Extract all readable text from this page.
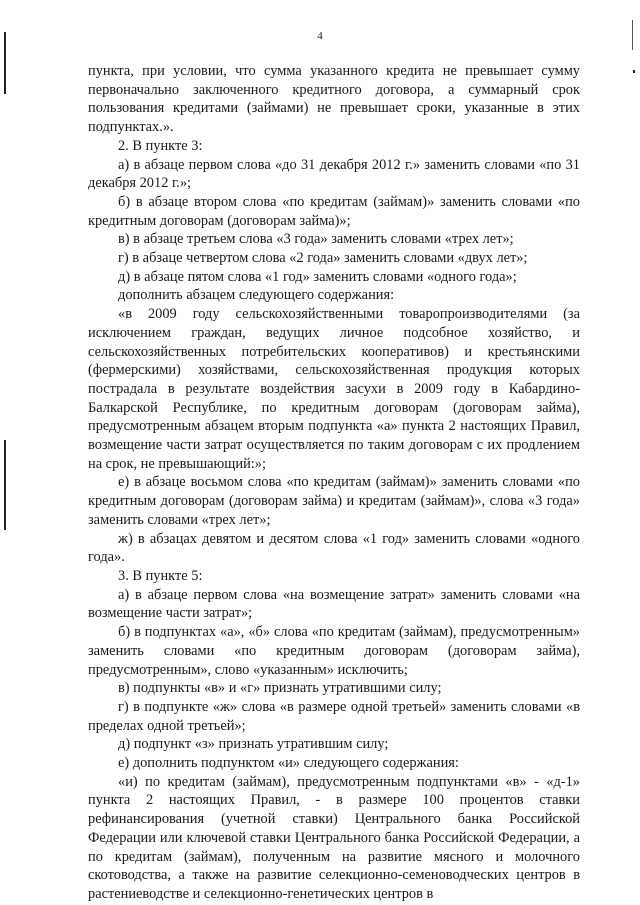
4

пункта, при условии, что сумма указанного кредита не превышает сумму первоначально заключенного кредитного договора, а суммарный срок пользования кредитами (займами) не превышает сроки, указанные в этих подпунктах.».

2. В пункте 3:

а) в абзаце первом слова «до 31 декабря 2012 г.» заменить словами «по 31 декабря 2012 г.»;

б) в абзаце втором слова «по кредитам (займам)» заменить словами «по кредитным договорам (договорам займа)»;

в) в абзаце третьем слова «3 года» заменить словами «трех лет»;

г) в абзаце четвертом слова «2 года» заменить словами «двух лет»;

д) в абзаце пятом слова «1 год» заменить словами «одного года»;

дополнить абзацем следующего содержания:

«в 2009 году сельскохозяйственными товаропроизводителями (за исключением граждан, ведущих личное подсобное хозяйство, и сельскохозяйственных потребительских кооперативов) и крестьянскими (фермерскими) хозяйствами, сельскохозяйственная продукция которых пострадала в результате воздействия засухи в 2009 году в Кабардино-Балкарской Республике, по кредитным договорам (договорам займа), предусмотренным абзацем вторым подпункта «а» пункта 2 настоящих Правил, возмещение части затрат осуществляется по таким договорам с их продлением на срок, не превышающий:»;

е) в абзаце восьмом слова «по кредитам (займам)» заменить словами «по кредитным договорам (договорам займа) и кредитам (займам)», слова «3 года» заменить словами «трех лет»;

ж) в абзацах девятом и десятом слова «1 год» заменить словами «одного года».

3. В пункте 5:

а) в абзаце первом слова «на возмещение затрат» заменить словами «на возмещение части затрат»;

б) в подпунктах «а», «б» слова «по кредитам (займам), предусмотренным» заменить словами «по кредитным договорам (договорам займа), предусмотренным», слово «указанным» исключить;

в) подпункты «в» и «г» признать утратившими силу;

г) в подпункте «ж» слова «в размере одной третьей» заменить словами «в пределах одной третьей»;

д) подпункт «з» признать утратившим силу;

е) дополнить подпунктом «и» следующего содержания:

«и) по кредитам (займам), предусмотренным подпунктами «в» - «д-1» пункта 2 настоящих Правил, - в размере 100 процентов ставки рефинансирования (учетной ставки) Центрального банка Российской Федерации или ключевой ставки Центрального банка Российской Федерации, а по кредитам (займам), полученным на развитие мясного и молочного скотоводства, а также на развитие селекционно-семеноводческих центров в растениеводстве и селекционно-генетических центров в
